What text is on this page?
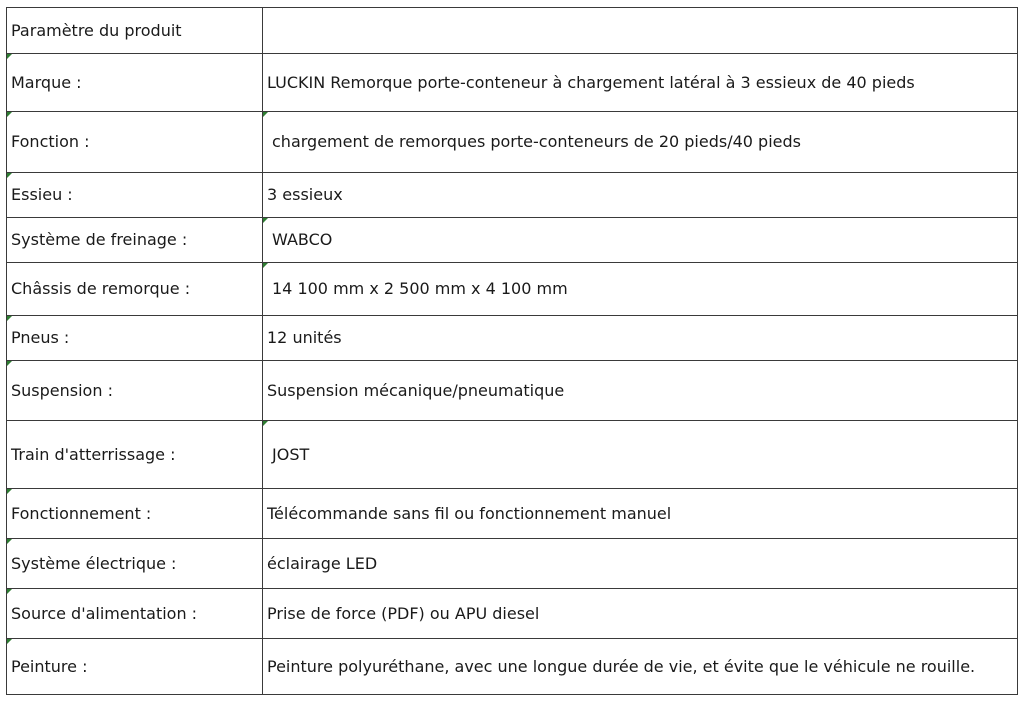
Paramètre du produit	
Marque :	LUCKIN Remorque porte-conteneur à chargement latéral à 3 essieux de 40 pieds
Fonction :	chargement de remorques porte-conteneurs de 20 pieds/40 pieds
Essieu :	3 essieux
Système de freinage :	WABCO
Châssis de remorque :	14 100 mm x 2 500 mm x 4 100 mm
Pneus :	12 unités
Suspension :	Suspension mécanique/pneumatique
Train d'atterrissage :	JOST
Fonctionnement :	Télécommande sans fil ou fonctionnement manuel
Système électrique :	éclairage LED
Source d'alimentation :	Prise de force (PDF) ou APU diesel
Peinture :	Peinture polyuréthane, avec une longue durée de vie, et évite que le véhicule ne rouille.
